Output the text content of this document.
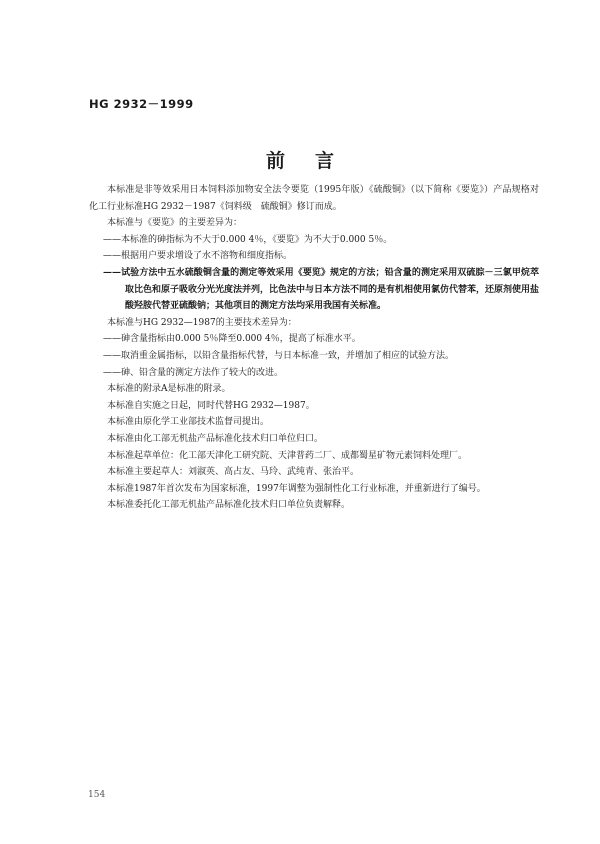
HG 2932－1999
前言

本标准是非等效采用日本饲料添加物安全法令要览（1995年版）《硫酸铜》（以下简称《要览》）产品规格对化工行业标准HG 2932－1987《饲料级　硫酸铜》修订而成。

本标准与《要览》的主要差异为：

——本标准的砷指标为不大于0.000 4％，《要览》为不大于0.000 5％。

——根据用户要求增设了水不溶物和细度指标。

——试验方法中五水硫酸铜含量的测定等效采用《要览》规定的方法；铅含量的测定采用双硫腙－三氯甲烷萃取比色和原子吸收分光光度法并列，比色法中与日本方法不同的是有机相使用氯仿代替苯，还原剂使用盐酸羟胺代替亚硫酸钠；其他项目的测定方法均采用我国有关标准。

本标准与HG 2932—1987的主要技术差异为：

——砷含量指标由0.000 5％降至0.000 4％，提高了标准水平。

——取消重金属指标，以铅含量指标代替，与日本标准一致，并增加了相应的试验方法。

——砷、铅含量的测定方法作了较大的改进。

本标准的附录A是标准的附录。

本标准自实施之日起，同时代替HG 2932—1987。

本标准由原化学工业部技术监督司提出。

本标准由化工部无机盐产品标准化技术归口单位归口。

本标准起草单位：化工部天津化工研究院、天津普药二厂、成都蜀星矿物元素饲料处理厂。

本标准主要起草人：刘淑英、高占友、马玲、武纯青、张治平。

本标准1987年首次发布为国家标准，1997年调整为强制性化工行业标准，并重新进行了编号。

本标准委托化工部无机盐产品标准化技术归口单位负责解释。

154
